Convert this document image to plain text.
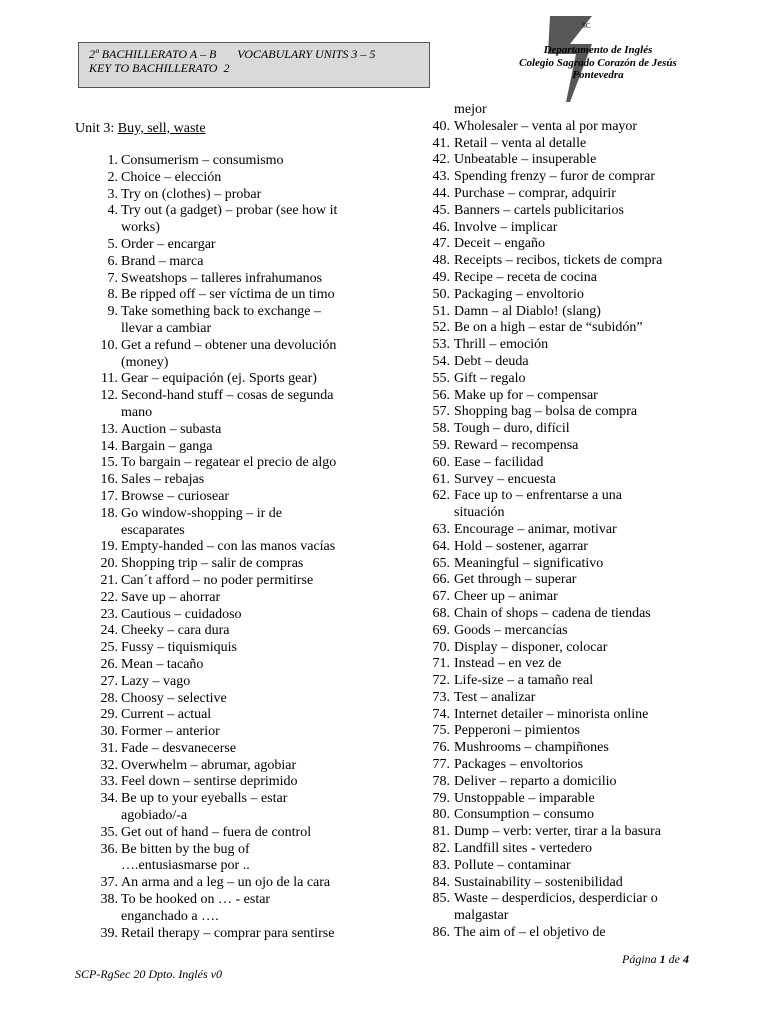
2º BACHILLERATO A – B       VOCABULARY UNITS 3 – 5
KEY TO BACHILLERATO  2
SC
Departamento de Inglés
Colegio Sagrado Corazón de Jesús
Pontevedra
Unit 3: Buy, sell, waste
1. Consumerism – consumismo
2. Choice – elección
3. Try on (clothes) – probar
4. Try out (a gadget) – probar (see how it
works)
5. Order – encargar
6. Brand – marca
7. Sweatshops – talleres infrahumanos
8. Be ripped off – ser víctima de un timo
9. Take something back to exchange –
llevar a cambiar
10. Get a refund – obtener una devolución
(money)
11. Gear – equipación (ej. Sports gear)
12. Second-hand stuff – cosas de segunda
mano
13. Auction – subasta
14. Bargain – ganga
15. To bargain – regatear el precio de algo
16. Sales – rebajas
17. Browse – curiosear
18. Go window-shopping – ir de
escaparates
19. Empty-handed – con las manos vacías
20. Shopping trip – salir de compras
21. Can´t afford – no poder permitirse
22. Save up – ahorrar
23. Cautious – cuidadoso
24. Cheeky – cara dura
25. Fussy – tiquismiquis
26. Mean – tacaño
27. Lazy – vago
28. Choosy – selective
29. Current – actual
30. Former – anterior
31. Fade – desvanecerse
32. Overwhelm – abrumar, agobiar
33. Feel down – sentirse deprimido
34. Be up to your eyeballs – estar
agobiado/-a
35. Get out of hand – fuera de control
36. Be bitten by the bug of
….entusiasmarse por ..
37. An arma and a leg – un ojo de la cara
38. To be hooked on … - estar
enganchado a ….
39. Retail therapy – comprar para sentirse
mejor
40. Wholesaler – venta al por mayor
41. Retail – venta al detalle
42. Unbeatable – insuperable
43. Spending frenzy – furor de comprar
44. Purchase – comprar, adquirir
45. Banners – cartels publicitarios
46. Involve – implicar
47. Deceit – engaño
48. Receipts – recibos, tickets de compra
49. Recipe – receta de cocina
50. Packaging – envoltorio
51. Damn – al Diablo! (slang)
52. Be on a high – estar de “subidón”
53. Thrill – emoción
54. Debt – deuda
55. Gift – regalo
56. Make up for – compensar
57. Shopping bag – bolsa de compra
58. Tough – duro, difícil
59. Reward – recompensa
60. Ease – facilidad
61. Survey – encuesta
62. Face up to – enfrentarse a una
situación
63. Encourage – animar, motivar
64. Hold – sostener, agarrar
65. Meaningful – significativo
66. Get through – superar
67. Cheer up – animar
68. Chain of shops – cadena de tiendas
69. Goods – mercancías
70. Display – disponer, colocar
71. Instead – en vez de
72. Life-size – a tamaño real
73. Test – analizar
74. Internet detailer – minorista online
75. Pepperoni – pimientos
76. Mushrooms – champiñones
77. Packages – envoltorios
78. Deliver – reparto a domicilio
79. Unstoppable – imparable
80. Consumption – consumo
81. Dump – verb: verter, tirar a la basura
82. Landfill sites - vertedero
83. Pollute – contaminar
84. Sustainability – sostenibilidad
85. Waste – desperdicios, desperdiciar o
malgastar
86. The aim of – el objetivo de
Página 1 de 4
SCP-RgSec 20 Dpto. Inglés v0
